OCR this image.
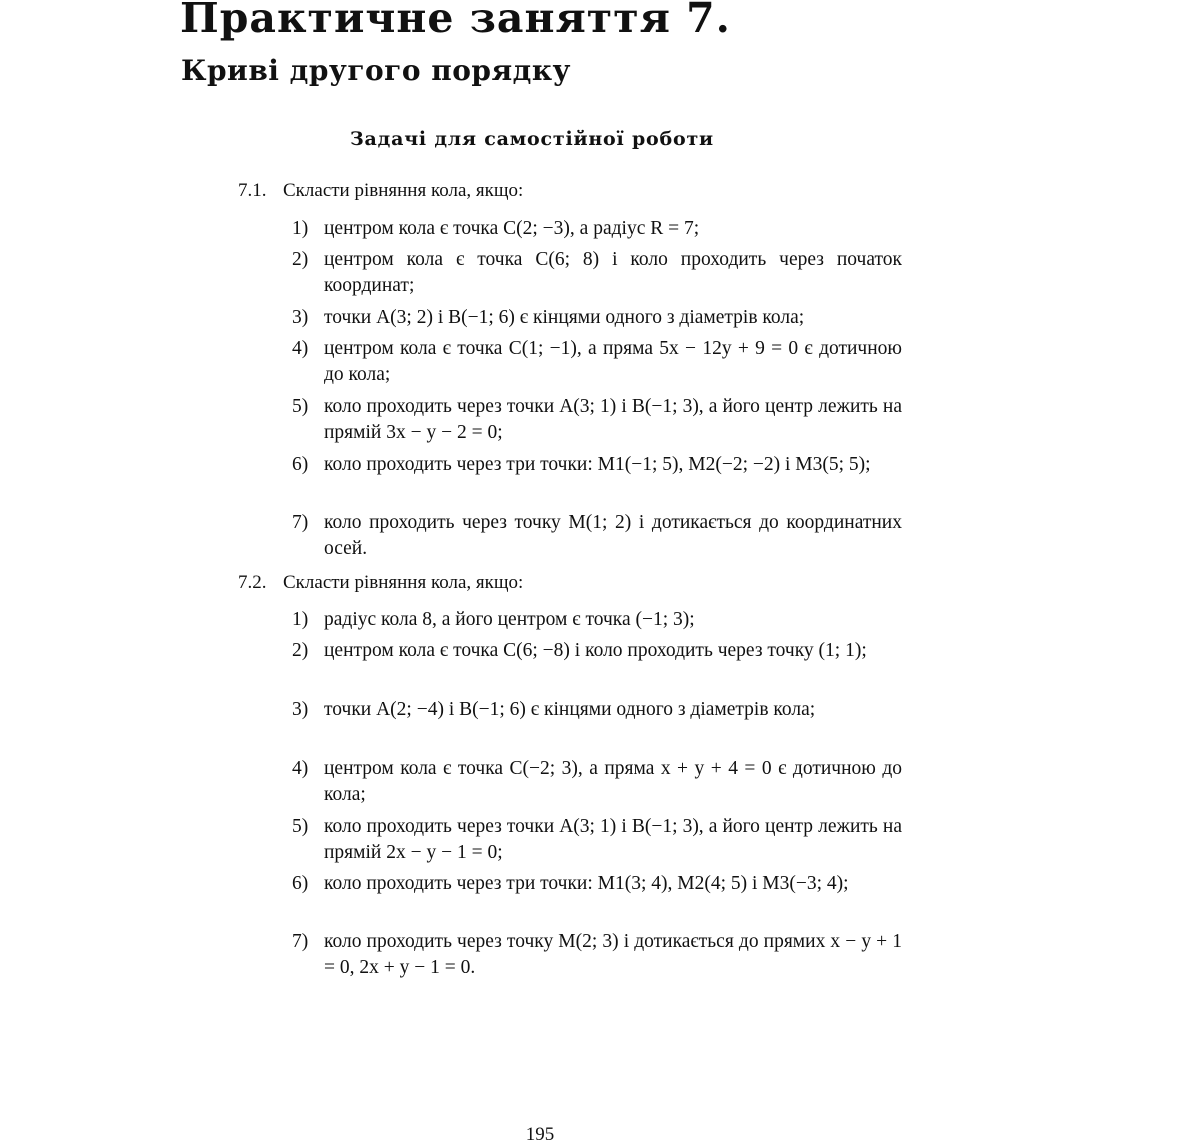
Практичне заняття 7.
Криві другого порядку
Задачі для самостійної роботи
7.1. Скласти рівняння кола, якщо:
1) центром кола є точка C(2; −3), а радіус R = 7;
2) центром кола є точка C(6; 8) і коло проходить через початок координат;
3) точки A(3; 2) і B(−1; 6) є кінцями одного з діаметрів кола;
4) центром кола є точка C(1; −1), а пряма 5x − 12y + 9 = 0 є дотичною до кола;
5) коло проходить через точки A(3; 1) і B(−1; 3), а його центр лежить на прямій 3x − y − 2 = 0;
6) коло проходить через три точки: M1(−1; 5), M2(−2; −2) і M3(5; 5);
7) коло проходить через точку M(1; 2) і дотикається до координатних осей.
7.2. Скласти рівняння кола, якщо:
1) радіус кола 8, а його центром є точка (−1; 3);
2) центром кола є точка C(6; −8) і коло проходить через точку (1; 1);
3) точки A(2; −4) і B(−1; 6) є кінцями одного з діаметрів кола;
4) центром кола є точка C(−2; 3), а пряма x + y + 4 = 0 є дотичною до кола;
5) коло проходить через точки A(3; 1) і B(−1; 3), а його центр лежить на прямій 2x − y − 1 = 0;
6) коло проходить через три точки: M1(3; 4), M2(4; 5) і M3(−3; 4);
7) коло проходить через точку M(2; 3) і дотикається до прямих x − y + 1 = 0, 2x + y − 1 = 0.
195
